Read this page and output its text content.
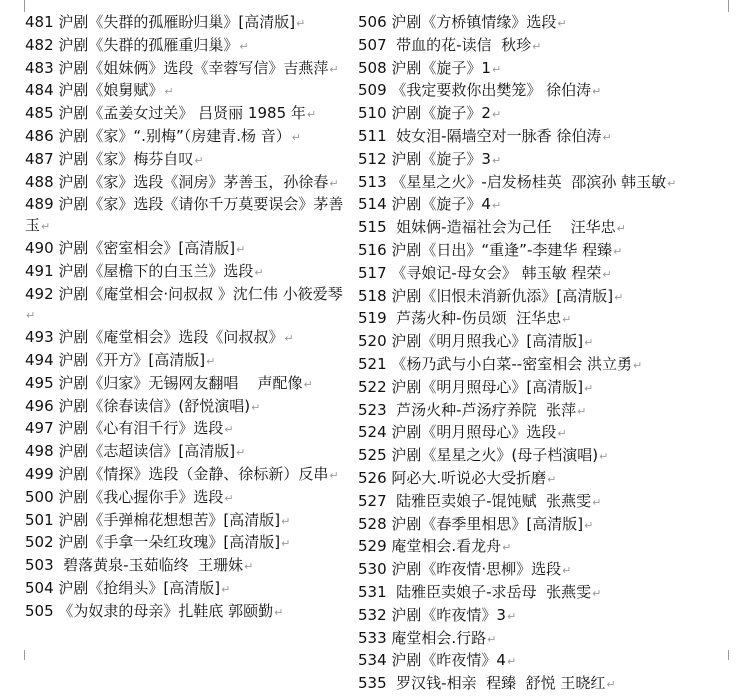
481 沪剧《失群的孤雁盼归巢》[高清版]↵
482 沪剧《失群的孤雁重归巢》↵
483 沪剧《姐妹俩》选段《幸蓉写信》吉燕萍↵
484 沪剧《娘舅赋》↵
485 沪剧《孟姜女过关》 吕贤丽 1985 年↵
486 沪剧《家》“.别梅”（房建青.杨 音）↵
487 沪剧《家》梅芬自叹↵
488 沪剧《家》选段《洞房》茅善玉，孙徐春↵
489 沪剧《家》选段《请你千万莫要误会》茅善玉↵
490 沪剧《密室相会》[高清版]↵
491 沪剧《屋檐下的白玉兰》选段↵
492 沪剧《庵堂相会·问叔叔 》沈仁伟 小筱爱琴↵
493 沪剧《庵堂相会》选段《问叔叔》↵
494 沪剧《开方》[高清版]↵
495 沪剧《归家》无锡网友翻唱    声配像↵
496 沪剧《徐春读信》(舒悦演唱)↵
497 沪剧《心有泪千行》选段↵
498 沪剧《志超读信》[高清版]↵
499 沪剧《情探》选段（金静、徐标新）反串↵
500 沪剧《我心握你手》选段↵
501 沪剧《手弹棉花想想苦》[高清版]↵
502 沪剧《手拿一朵红玫瑰》[高清版]↵
503  碧落黄泉-玉茹临终  王珊妹↵
504 沪剧《抢绢头》[高清版]↵
505 《为奴隶的母亲》扎鞋底 郭颐勤↵
506 沪剧《方桥镇情缘》选段↵
507  带血的花-读信  秋珍↵
508 沪剧《旋子》1↵
509 《我定要救你出樊笼》 徐伯涛↵
510 沪剧《旋子》2↵
511  妓女泪-隔墙空对一脉香 徐伯涛↵
512 沪剧《旋子》3↵
513 《星星之火》-启发杨桂英  邵滨孙 韩玉敏↵
514 沪剧《旋子》4↵
515  姐妹俩-造福社会为己任    汪华忠↵
516 沪剧《日出》“重逢”-李建华 程臻↵
517 《寻娘记-母女会》 韩玉敏 程荣↵
518 沪剧《旧恨未消新仇添》[高清版]↵
519  芦荡火种-伤员颂  汪华忠↵
520 沪剧《明月照我心》[高清版]↵
521 《杨乃武与小白菜--密室相会 洪立勇↵
522 沪剧《明月照母心》[高清版]↵
523  芦汤火种-芦汤疗养院  张萍↵
524 沪剧《明月照母心》选段↵
525 沪剧《星星之火》(母子档演唱)↵
526 阿必大.听说必大受折磨↵
527  陆雅臣卖娘子-馄饨赋  张燕雯↵
528 沪剧《春季里相思》[高清版]↵
529 庵堂相会.看龙舟↵
530 沪剧《昨夜情·思柳》选段↵
531  陆雅臣卖娘子-求岳母  张燕雯↵
532 沪剧《昨夜情》3↵
533 庵堂相会.行路↵
534 沪剧《昨夜情》4↵
535  罗汉钱-相亲  程臻  舒悦 王晓红↵
